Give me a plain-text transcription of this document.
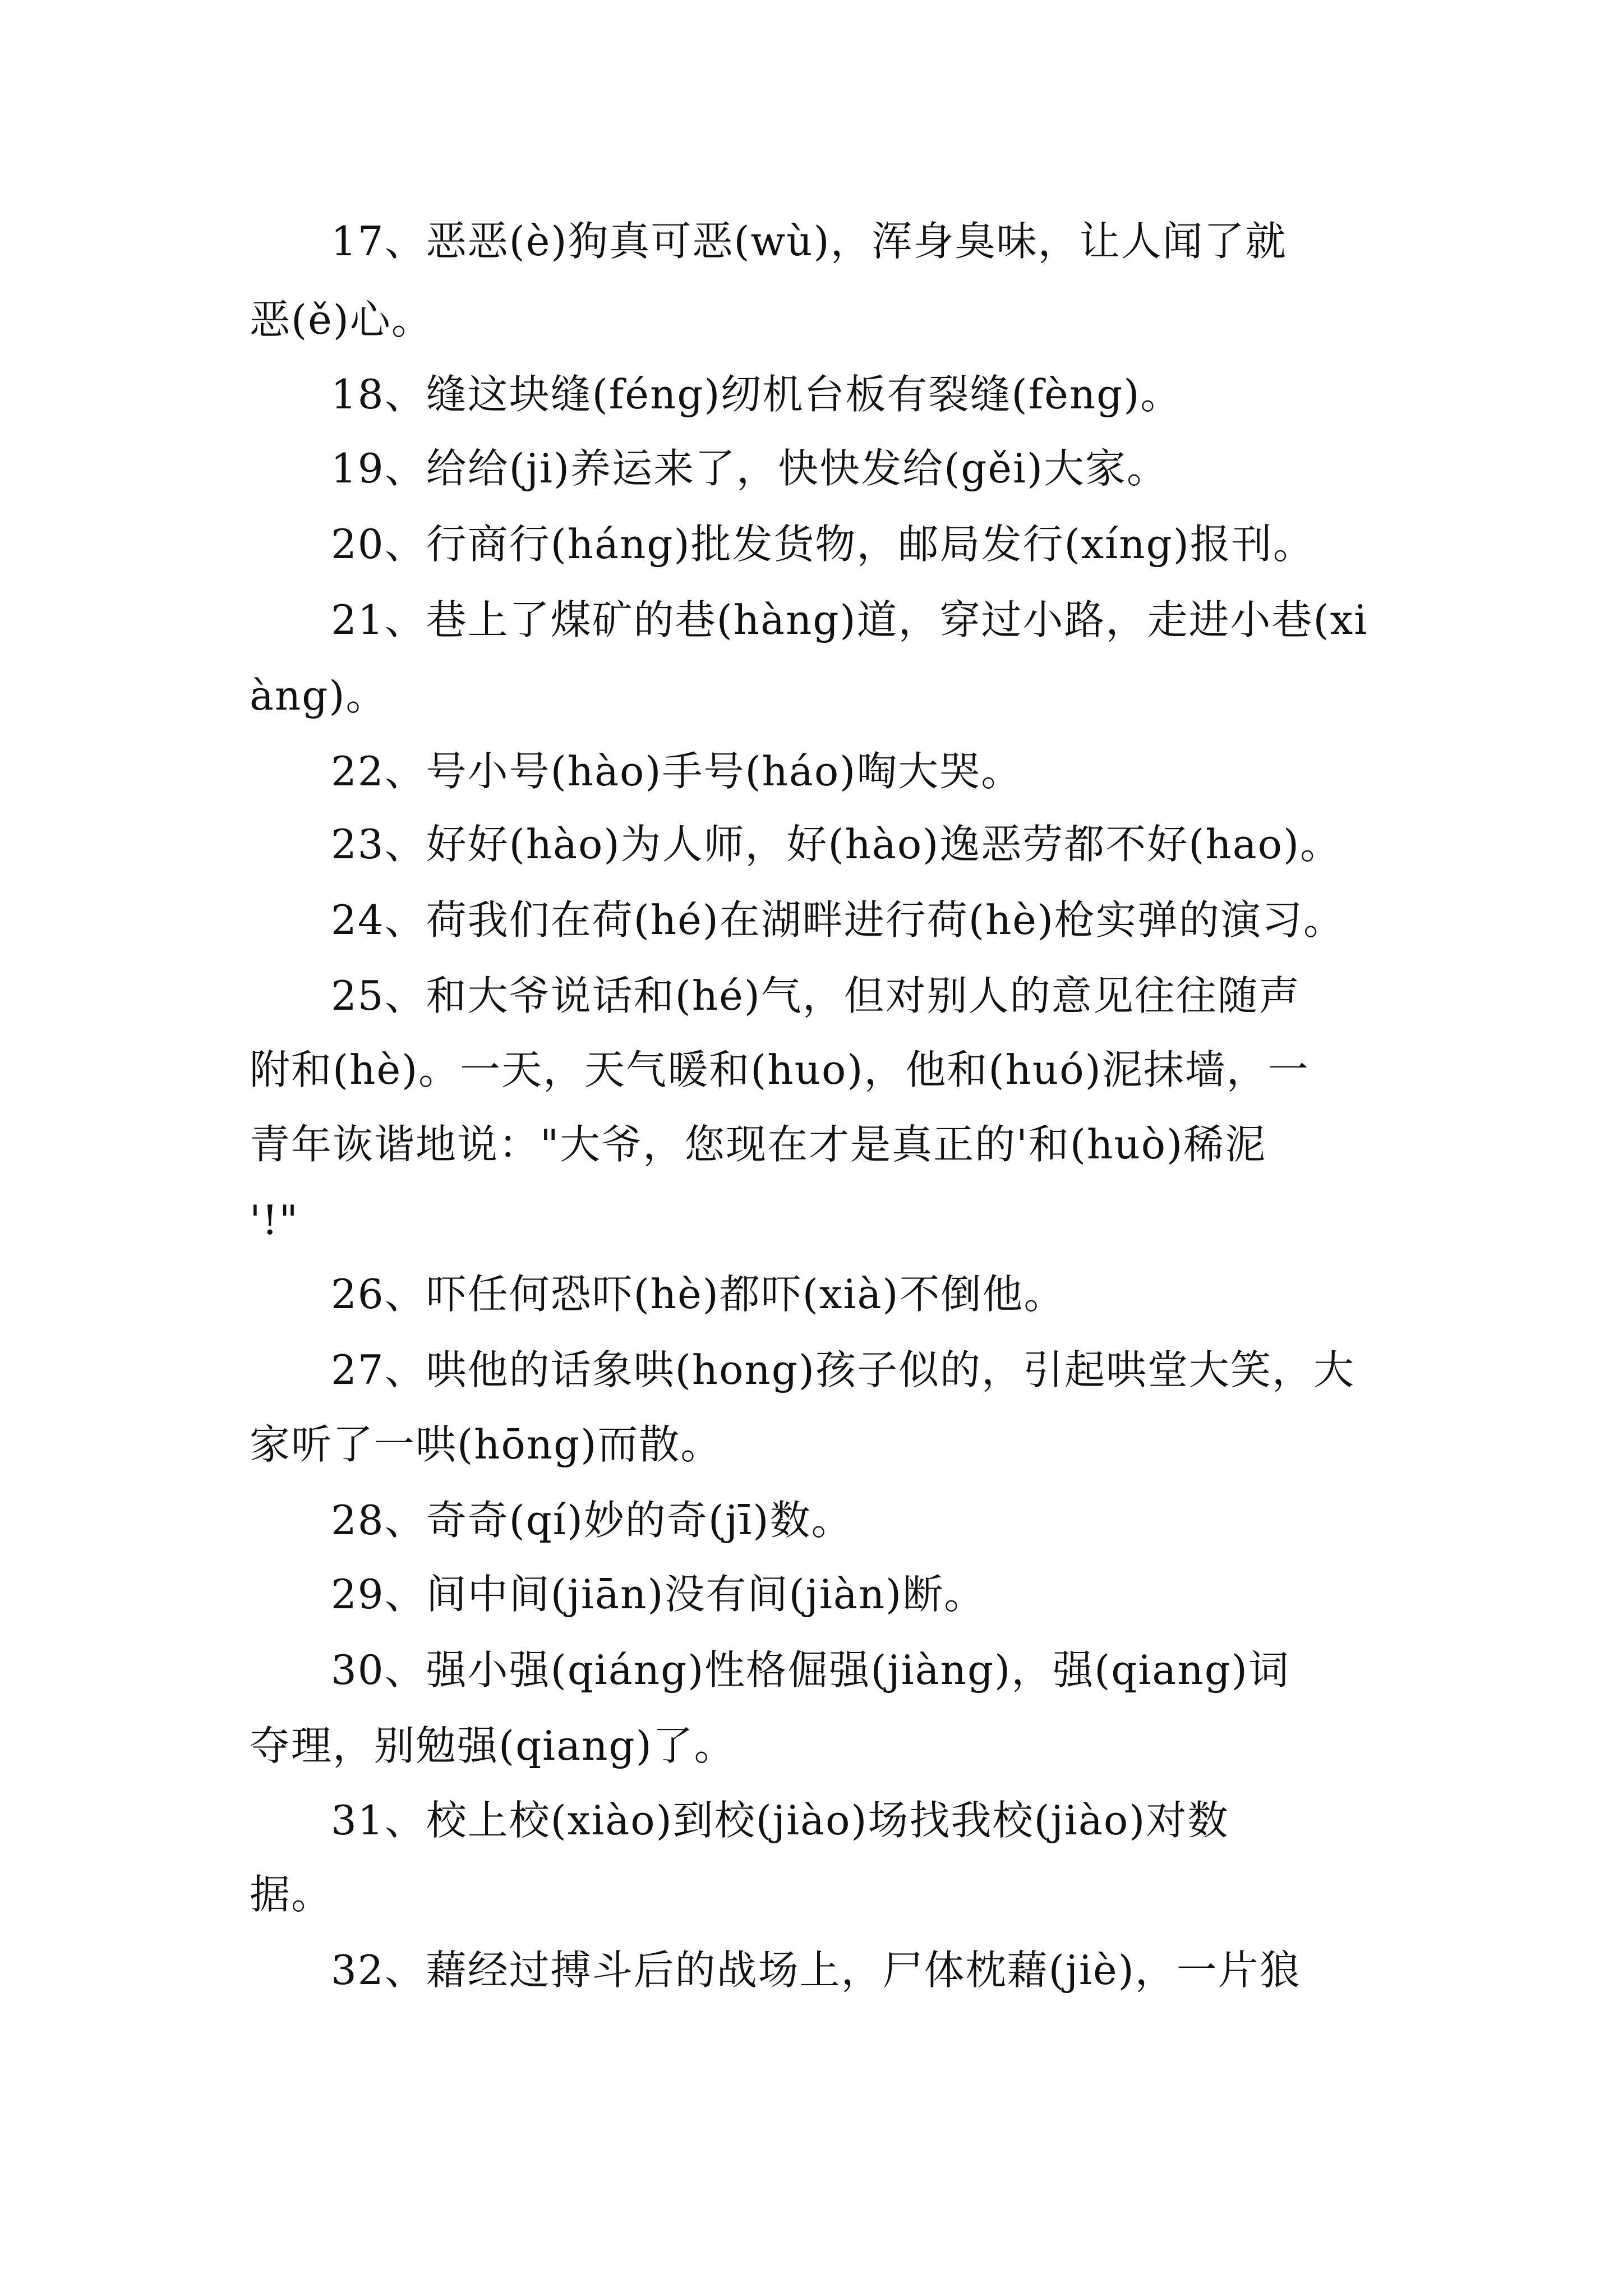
17、恶恶(è)狗真可恶(wù)，浑身臭味，让人闻了就
恶(ě)心。
18、缝这块缝(féng)纫机台板有裂缝(fèng)。
19、给给(ji)养运来了，快快发给(gěi)大家。
20、行商行(háng)批发货物，邮局发行(xíng)报刊。
21、巷上了煤矿的巷(hàng)道，穿过小路，走进小巷(xi
àng)。
22、号小号(hào)手号(háo)啕大哭。
23、好好(hào)为人师，好(hào)逸恶劳都不好(hao)。
24、荷我们在荷(hé)在湖畔进行荷(hè)枪实弹的演习。
25、和大爷说话和(hé)气，但对别人的意见往往随声
附和(hè)。一天，天气暖和(huo)，他和(huó)泥抹墙，一
青年诙谐地说："大爷，您现在才是真正的'和(huò)稀泥
'!"
26、吓任何恐吓(hè)都吓(xià)不倒他。
27、哄他的话象哄(hong)孩子似的，引起哄堂大笑，大
家听了一哄(hōng)而散。
28、奇奇(qí)妙的奇(jī)数。
29、间中间(jiān)没有间(jiàn)断。
30、强小强(qiáng)性格倔强(jiàng)，强(qiang)词
夺理，别勉强(qiang)了。
31、校上校(xiào)到校(jiào)场找我校(jiào)对数
据。
32、藉经过搏斗后的战场上，尸体枕藉(jiè)，一片狼
